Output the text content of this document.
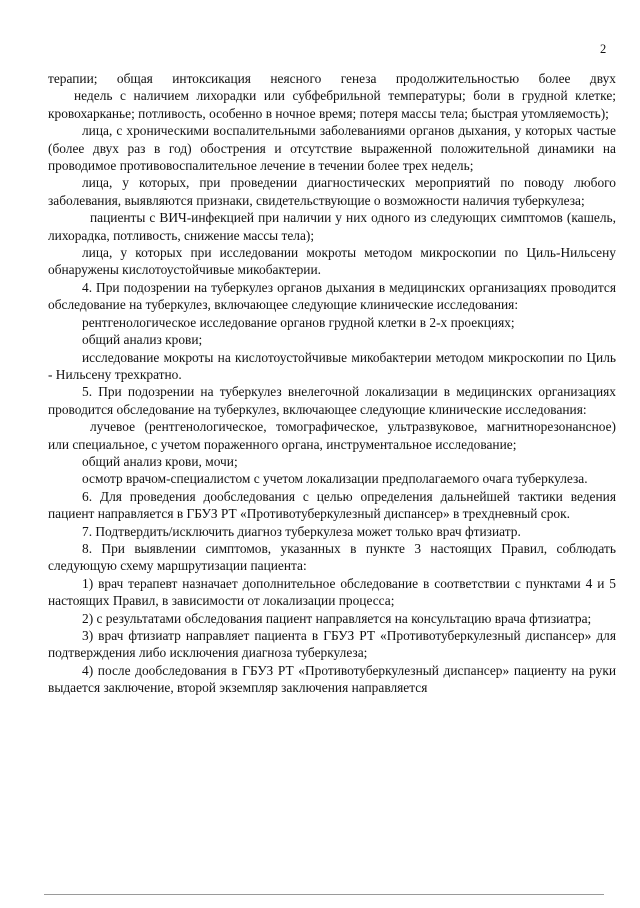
2

терапии; общая интоксикация неясного генеза продолжительностью более двух

недель с наличием лихорадки или субфебрильной температуры; боли в грудной клетке; кровохарканье; потливость, особенно в ночное время; потеря массы тела; быстрая утомляемость);

лица, с хроническими воспалительными заболеваниями органов дыхания, у которых частые (более двух раз в год) обострения и отсутствие выраженной положительной динамики на проводимое противовоспалительное лечение в течении более трех недель;

лица, у которых, при проведении диагностических мероприятий по поводу любого заболевания, выявляются признаки, свидетельствующие о возможности наличия туберкулеза;

пациенты с ВИЧ-инфекцией при наличии у них одного из следующих симптомов (кашель, лихорадка, потливость, снижение массы тела);

лица, у которых при исследовании мокроты методом микроскопии по Циль-Нильсену обнаружены кислотоустойчивые микобактерии.

4. При подозрении на туберкулез органов дыхания в медицинских организациях проводится обследование на туберкулез, включающее следующие клинические исследования:

рентгенологическое исследование органов грудной клетки в 2-х проекциях;

общий анализ крови;

исследование мокроты на кислотоустойчивые микобактерии методом микроскопии по Циль - Нильсену трехкратно.

5. При подозрении на туберкулез внелегочной локализации в медицинских организациях проводится обследование на туберкулез, включающее следующие клинические исследования:

лучевое (рентгенологическое, томографическое, ультразвуковое, магнитнорезонансное) или специальное, с учетом пораженного органа, инструментальное исследование;

общий анализ крови, мочи;

осмотр врачом-специалистом с учетом локализации предполагаемого очага туберкулеза.

6. Для проведения дообследования с целью определения дальнейшей тактики ведения пациент направляется в ГБУЗ РТ «Противотуберкулезный диспансер» в трехдневный срок.

7. Подтвердить/исключить диагноз туберкулеза может только врач фтизиатр.

8. При выявлении симптомов, указанных в пункте 3 настоящих Правил, соблюдать следующую схему маршрутизации пациента:

1) врач терапевт назначает дополнительное обследование в соответствии с пунктами 4 и 5 настоящих Правил, в зависимости от локализации процесса;

2) с результатами обследования пациент направляется на консультацию врача фтизиатра;

3) врач фтизиатр направляет пациента в ГБУЗ РТ «Противотуберкулезный диспансер» для подтверждения либо исключения диагноза туберкулеза;

4) после дообследования в ГБУЗ РТ «Противотуберкулезный диспансер» пациенту на руки выдается заключение, второй экземпляр заключения направляется
